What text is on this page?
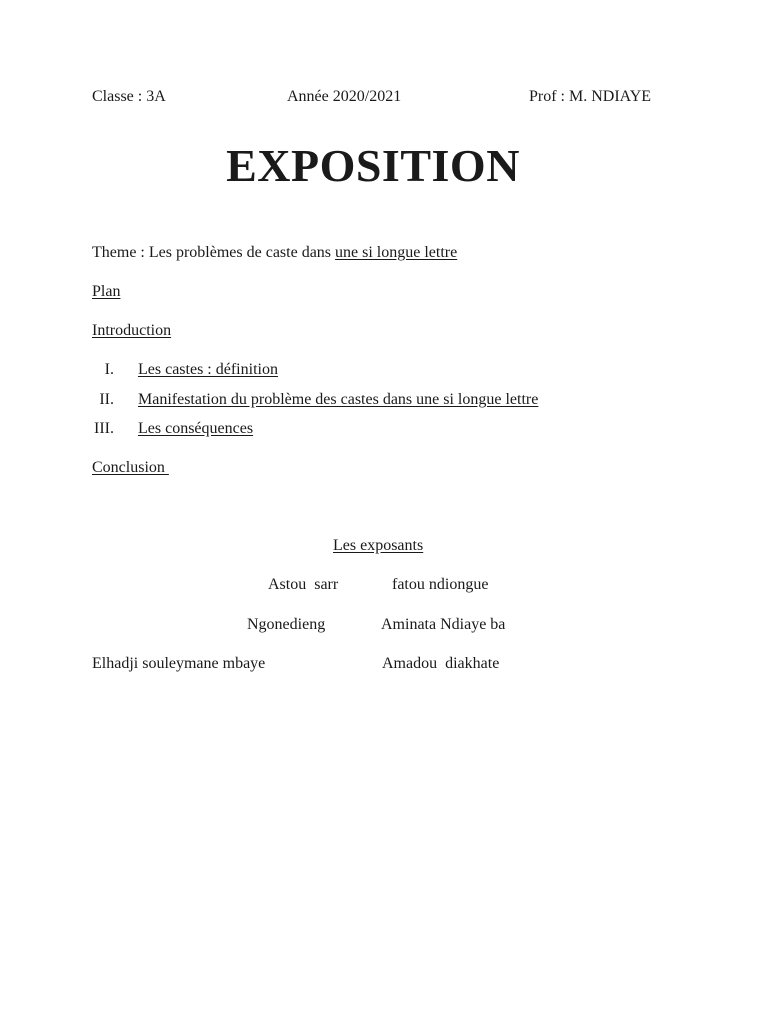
Classe : 3A	Année 2020/2021	Prof : M. NDIAYE
EXPOSITION
Theme : Les problèmes de caste dans une si longue lettre
Plan
Introduction
I. Les castes : définition
II. Manifestation du problème des castes dans une si longue lettre
III. Les conséquences
Conclusion
Les exposants
Astou  sarr	fatou ndiongue
Ngonedieng	Aminata Ndiaye ba
Elhadji souleymane mbaye	Amadou  diakhate
